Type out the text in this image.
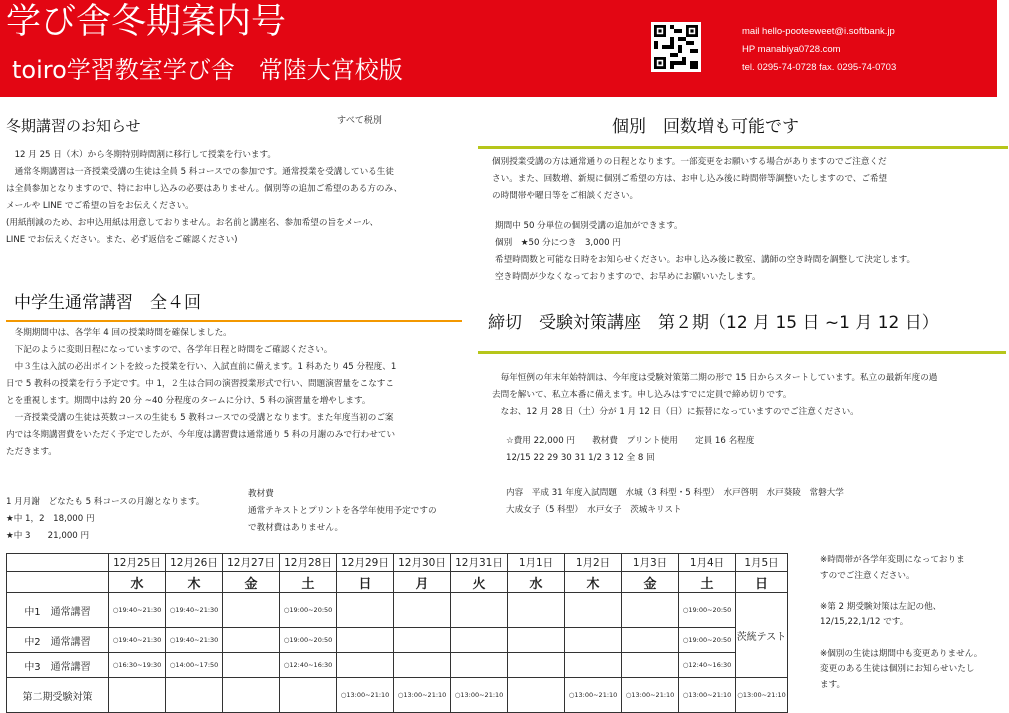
学び舎冬期案内号
toiro学習教室学び舎　常陸大宮校版
mail hello-pooteeweet@i.softbank.jp
HP manabiya0728.com
tel. 0295-74-0728 fax. 0295-74-0703
冬期講習のお知らせ	すべて税別
　12 月 25 日（木）から冬期特別時間割に移行して授業を行います。
　通常冬期講習は一斉授業受講の生徒は全員 5 科コースでの参加です。通常授業を受講している生徒
は全員参加となりますので、特にお申し込みの必要はありません。個別等の追加ご希望のある方のみ、
メールや LINE でご希望の旨をお伝えください。
(用紙削減のため、お申込用紙は用意しておりません。お名前と講座名、参加希望の旨をメール、
LINE でお伝えください。また、必ず返信をご確認ください)
個別　回数増も可能です
個別授業受講の方は通常通りの日程となります。一部変更をお願いする場合がありますのでご注意くだ
さい。また、回数増、新規に個別ご希望の方は、お申し込み後に時間帯等調整いたしますので、ご希望
の時間帯や曜日等をご相談ください。
期間中 50 分単位の個別受講の追加ができます。
個別　★50 分につき　3,000 円
希望時間数と可能な日時をお知らせください。お申し込み後に教室、講師の空き時間を調整して決定します。
空き時間が少なくなっておりますので、お早めにお願いいたします。
中学生通常講習　全４回
　冬期期間中は、各学年 4 回の授業時間を確保しました。
　下記のように変則日程になっていますので、各学年日程と時間をご確認ください。
　中３生は入試の必出ポイントを絞った授業を行い、入試直前に備えます。1 科あたり 45 分程度、1
日で 5 教科の授業を行う予定です。中 1，２生は合同の演習授業形式で行い、問題演習量をこなすこ
とを重視します。期間中は約 20 分 ~40 分程度のタームに分け、5 科の演習量を増やします。
　一斉授業受講の生徒は英数コースの生徒も 5 教科コースでの受講となります。また年度当初のご案
内では冬期講習費をいただく予定でしたが、今年度は講習費は通常通り 5 科の月謝のみで行わせてい
ただきます。
1 月月謝　どなたも 5 科コースの月謝となります。
★中 1，2　18,000 円
★中 3　　21,000 円
教材費
通常テキストとプリントを各学年使用予定ですの
で教材費はありません。
締切　受験対策講座　第２期（12 月 15 日 ~1 月 12 日）
　毎年恒例の年末年始特訓は、今年度は受験対策第二期の形で 15 日からスタートしています。私立の最新年度の過
去問を解いて、私立本番に備えます。申し込みはすでに定員で締め切りです。
　なお、12 月 28 日（土）分が 1 月 12 日（日）に振替になっていますのでご注意ください。
☆費用 22,000 円　　教材費　プリント使用　　定員 16 名程度
12/15 22 29 30 31 1/2 3 12 全 8 回
内容　平成 31 年度入試問題　水城（3 科型・5 科型）　水戸啓明　水戸葵陵　常磐大学
大成女子（5 科型）　水戸女子　茨城キリスト
	12月25日	12月26日	12月27日	12月28日	12月29日	12月30日	12月31日	1月1日	1月2日	1月3日	1月4日	1月5日
	水	木	金	土	日	月	火	水	木	金	土	日
中1　通常講習	○19:40~21:30	○19:40~21:30		○19:00~20:50							○19:00~20:50	茨統テスト
中2　通常講習	○19:40~21:30	○19:40~21:30		○19:00~20:50							○19:00~20:50	
中3　通常講習	○16:30~19:30	○14:00~17:50		○12:40~16:30							○12:40~16:30	
第二期受験対策					○13:00~21:10	○13:00~21:10	○13:00~21:10		○13:00~21:10	○13:00~21:10	○13:00~21:10	○13:00~21:10
※時間帯が各学年変則になっておりま
すのでご注意ください。
※第 2 期受験対策は左記の他、
12/15,22,1/12 です。
※個別の生徒は期間中も変更ありません。
変更のある生徒は個別にお知らせいたし
ます。
